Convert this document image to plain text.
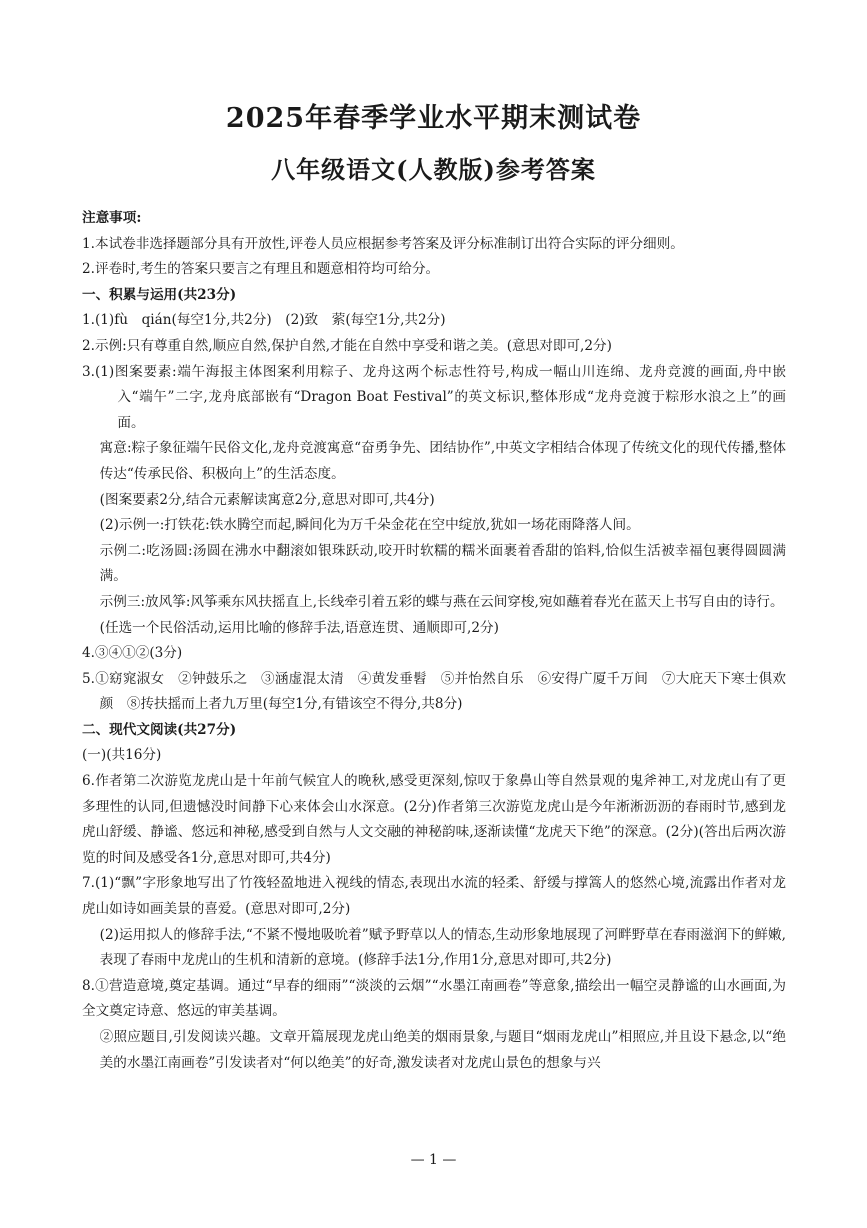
2025年春季学业水平期末测试卷
八年级语文(人教版)参考答案

注意事项:

1.本试卷非选择题部分具有开放性,评卷人员应根据参考答案及评分标准制订出符合实际的评分细则。

2.评卷时,考生的答案只要言之有理且和题意相符均可给分。

一、积累与运用(共23分)

1.(1)fù　qián(每空1分,共2分)　(2)致　萦(每空1分,共2分)

2.示例:只有尊重自然,顺应自然,保护自然,才能在自然中享受和谐之美。(意思对即可,2分)

3.(1)图案要素:端午海报主体图案利用粽子、龙舟这两个标志性符号,构成一幅山川连绵、龙舟竞渡的画面,舟中嵌入“端午”二字,龙舟底部嵌有“Dragon Boat Festival”的英文标识,整体形成“龙舟竞渡于粽形水浪之上”的画面。

寓意:粽子象征端午民俗文化,龙舟竞渡寓意“奋勇争先、团结协作”,中英文字相结合体现了传统文化的现代传播,整体传达“传承民俗、积极向上”的生活态度。

(图案要素2分,结合元素解读寓意2分,意思对即可,共4分)

(2)示例一:打铁花:铁水腾空而起,瞬间化为万千朵金花在空中绽放,犹如一场花雨降落人间。

示例二:吃汤圆:汤圆在沸水中翻滚如银珠跃动,咬开时软糯的糯米面裹着香甜的馅料,恰似生活被幸福包裹得圆圆满满。

示例三:放风筝:风筝乘东风扶摇直上,长线牵引着五彩的蝶与燕在云间穿梭,宛如蘸着春光在蓝天上书写自由的诗行。

(任选一个民俗活动,运用比喻的修辞手法,语意连贯、通顺即可,2分)

4.③④①②(3分)

5.①窈窕淑女　②钟鼓乐之　③涵虚混太清　④黄发垂髫　⑤并怡然自乐　⑥安得广厦千万间　⑦大庇天下寒士俱欢颜　⑧抟扶摇而上者九万里(每空1分,有错该空不得分,共8分)

二、现代文阅读(共27分)

(一)(共16分)

6.作者第二次游览龙虎山是十年前气候宜人的晚秋,感受更深刻,惊叹于象鼻山等自然景观的鬼斧神工,对龙虎山有了更多理性的认同,但遗憾没时间静下心来体会山水深意。(2分)作者第三次游览龙虎山是今年淅淅沥沥的春雨时节,感到龙虎山舒缓、静谧、悠远和神秘,感受到自然与人文交融的神秘韵味,逐渐读懂“龙虎天下绝”的深意。(2分)(答出后两次游览的时间及感受各1分,意思对即可,共4分)

7.(1)“飘”字形象地写出了竹筏轻盈地进入视线的情态,表现出水流的轻柔、舒缓与撑篙人的悠然心境,流露出作者对龙虎山如诗如画美景的喜爱。(意思对即可,2分)

(2)运用拟人的修辞手法,“不紧不慢地吸吮着”赋予野草以人的情态,生动形象地展现了河畔野草在春雨滋润下的鲜嫩,表现了春雨中龙虎山的生机和清新的意境。(修辞手法1分,作用1分,意思对即可,共2分)

8.①营造意境,奠定基调。通过“早春的细雨”“淡淡的云烟”“水墨江南画卷”等意象,描绘出一幅空灵静谧的山水画面,为全文奠定诗意、悠远的审美基调。

②照应题目,引发阅读兴趣。文章开篇展现龙虎山绝美的烟雨景象,与题目“烟雨龙虎山”相照应,并且设下悬念,以“绝美的水墨江南画卷”引发读者对“何以绝美”的好奇,激发读者对龙虎山景色的想象与兴

— 1 —
